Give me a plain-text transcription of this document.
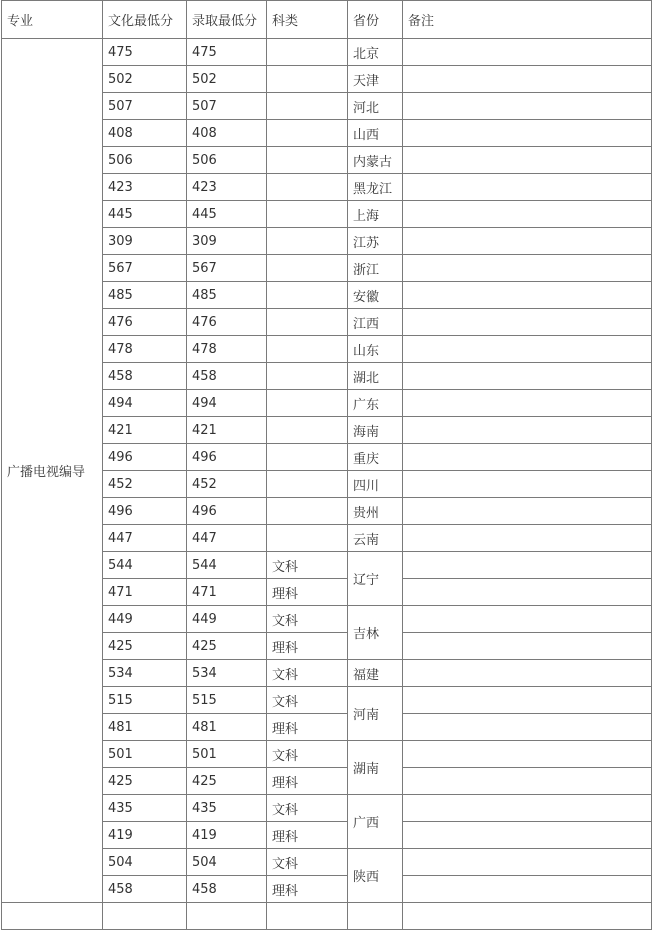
专业	文化最低分	录取最低分	科类	省份	备注
广播电视编导	475	475		北京	
	502	502		天津	
	507	507		河北	
	408	408		山西	
	506	506		内蒙古	
	423	423		黑龙江	
	445	445		上海	
	309	309		江苏	
	567	567		浙江	
	485	485		安徽	
	476	476		江西	
	478	478		山东	
	458	458		湖北	
	494	494		广东	
	421	421		海南	
	496	496		重庆	
	452	452		四川	
	496	496		贵州	
	447	447		云南	
	544	544	文科	辽宁	
	471	471	理科		
	449	449	文科	吉林	
	425	425	理科		
	534	534	文科	福建	
	515	515	文科	河南	
	481	481	理科		
	501	501	文科	湖南	
	425	425	理科		
	435	435	文科	广西	
	419	419	理科		
	504	504	文科	陕西	
	458	458	理科		
